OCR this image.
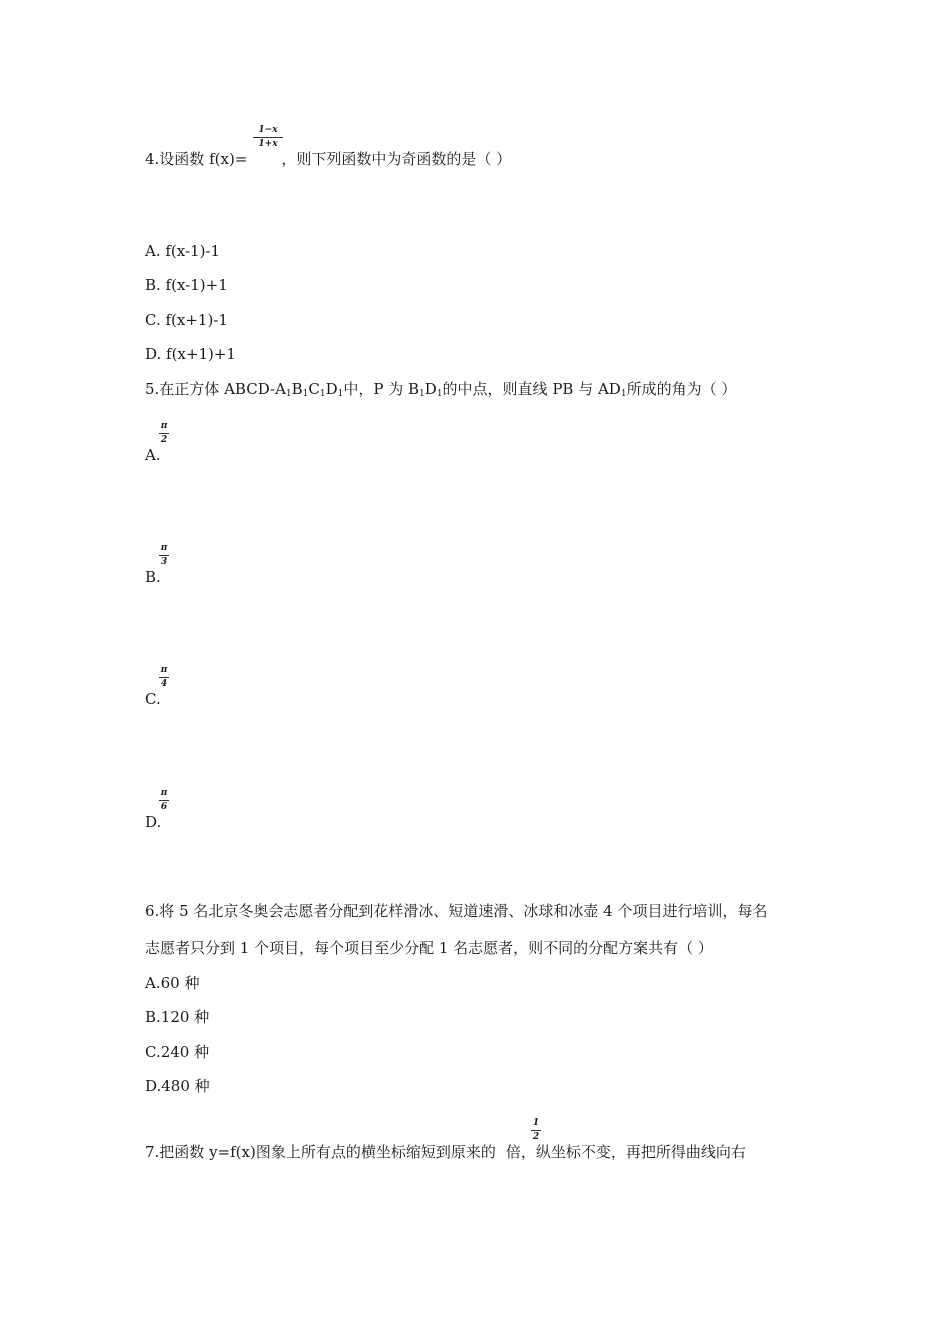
4.设函数 f(x)= ，则下列函数中为奇函数的是（ ）
1−x
1+x
A. f(x-1)-1
B. f(x-1)+1
C. f(x+1)-1
D. f(x+1)+1
5.在正方体 ABCD-$A_1B_1C_1D_1$中，P 为 $B_1D_1$的中点，则直线 PB 与 $AD_1$所成的角为（ ）
A.
π
2
B.
π
3
C.
π
4
D.
π
6
6.将 5 名北京冬奥会志愿者分配到花样滑冰、短道速滑、冰球和冰壶 4 个项目进行培训，每名
志愿者只分到 1 个项目，每个项目至少分配 1 名志愿者，则不同的分配方案共有（ ）
A.60 种
B.120 种
C.240 种
D.480 种
7.把函数 y=f(x)图象上所有点的横坐标缩短到原来的 倍，纵坐标不变，再把所得曲线向右
1
2
